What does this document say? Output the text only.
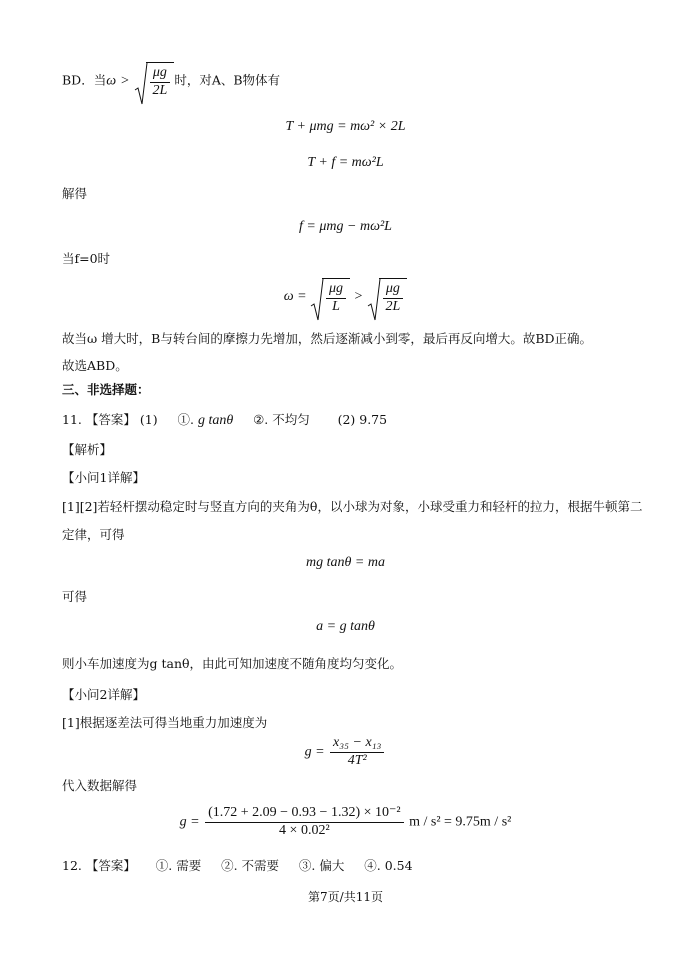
BD．当$\omega > \frac{\mu g}{2L}$ 时，对A、B物体有
T + μmg = mω² × 2L
T + f = mω²L
解得
f = μmg − mω²L
当f=0时
$\omega = \frac{\mu g}{L} > \frac{\mu g}{2L}$
故当ω 增大时，B与转台间的摩擦力先增加，然后逐渐减小到零，最后再反向增大。故BD正确。
故选ABD。
三、非选择题：
11. 【答案】 (1) ①. g tanθ ②. 不均匀 (2) 9.75
【解析】
【小问1详解】
[1][2]若轻杆摆动稳定时与竖直方向的夹角为θ，以小球为对象，小球受重力和轻杆的拉力，根据牛顿第二
定律，可得
mg tanθ = ma
可得
a = g tanθ
则小车加速度为g tanθ，由此可知加速度不随角度均匀变化。
【小问2详解】
[1]根据逐差法可得当地重力加速度为
$g = \frac{\text{x₃₅ − x₁₃}}{\text{4T²}}$
代入数据解得
$g = \frac{\text{(1.72 + 2.09 − 0.93 − 1.32) × 10⁻²}}{\text{4 × 0.02²}}$ m / s² = 9.75m / s²
12. 【答案】 ①. 需要 ②. 不需要 ③. 偏大 ④. 0.54
第7页/共11页
